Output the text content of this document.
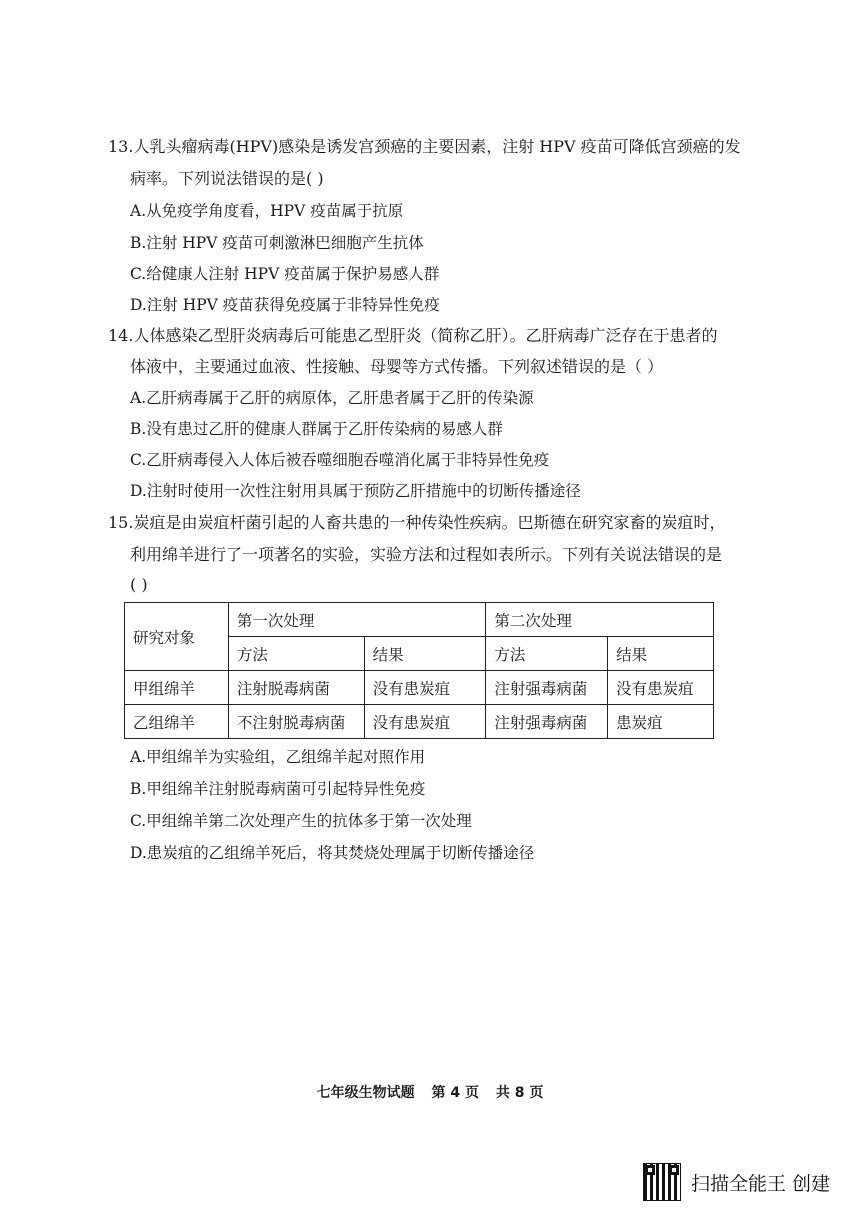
13.人乳头瘤病毒(HPV)感染是诱发宫颈癌的主要因素，注射 HPV 疫苗可降低宫颈癌的发
病率。下列说法错误的是( )
A.从免疫学角度看，HPV 疫苗属于抗原
B.注射 HPV 疫苗可刺激淋巴细胞产生抗体
C.给健康人注射 HPV 疫苗属于保护易感人群
D.注射 HPV 疫苗获得免疫属于非特异性免疫
14.人体感染乙型肝炎病毒后可能患乙型肝炎（简称乙肝）。乙肝病毒广泛存在于患者的
体液中，主要通过血液、性接触、母婴等方式传播。下列叙述错误的是（ ）
A.乙肝病毒属于乙肝的病原体，乙肝患者属于乙肝的传染源
B.没有患过乙肝的健康人群属于乙肝传染病的易感人群
C.乙肝病毒侵入人体后被吞噬细胞吞噬消化属于非特异性免疫
D.注射时使用一次性注射用具属于预防乙肝措施中的切断传播途径
15.炭疽是由炭疽杆菌引起的人畜共患的一种传染性疾病。巴斯德在研究家畜的炭疽时，
利用绵羊进行了一项著名的实验，实验方法和过程如表所示。下列有关说法错误的是
( )
研究对象	第一次处理		第二次处理	
	方法	结果	方法	结果
甲组绵羊	注射脱毒病菌	没有患炭疽	注射强毒病菌	没有患炭疽
乙组绵羊	不注射脱毒病菌	没有患炭疽	注射强毒病菌	患炭疽
A.甲组绵羊为实验组，乙组绵羊起对照作用
B.甲组绵羊注射脱毒病菌可引起特异性免疫
C.甲组绵羊第二次处理产生的抗体多于第一次处理
D.患炭疽的乙组绵羊死后，将其焚烧处理属于切断传播途径
七年级生物试题 第 4 页 共 8 页
扫描全能王 创建
